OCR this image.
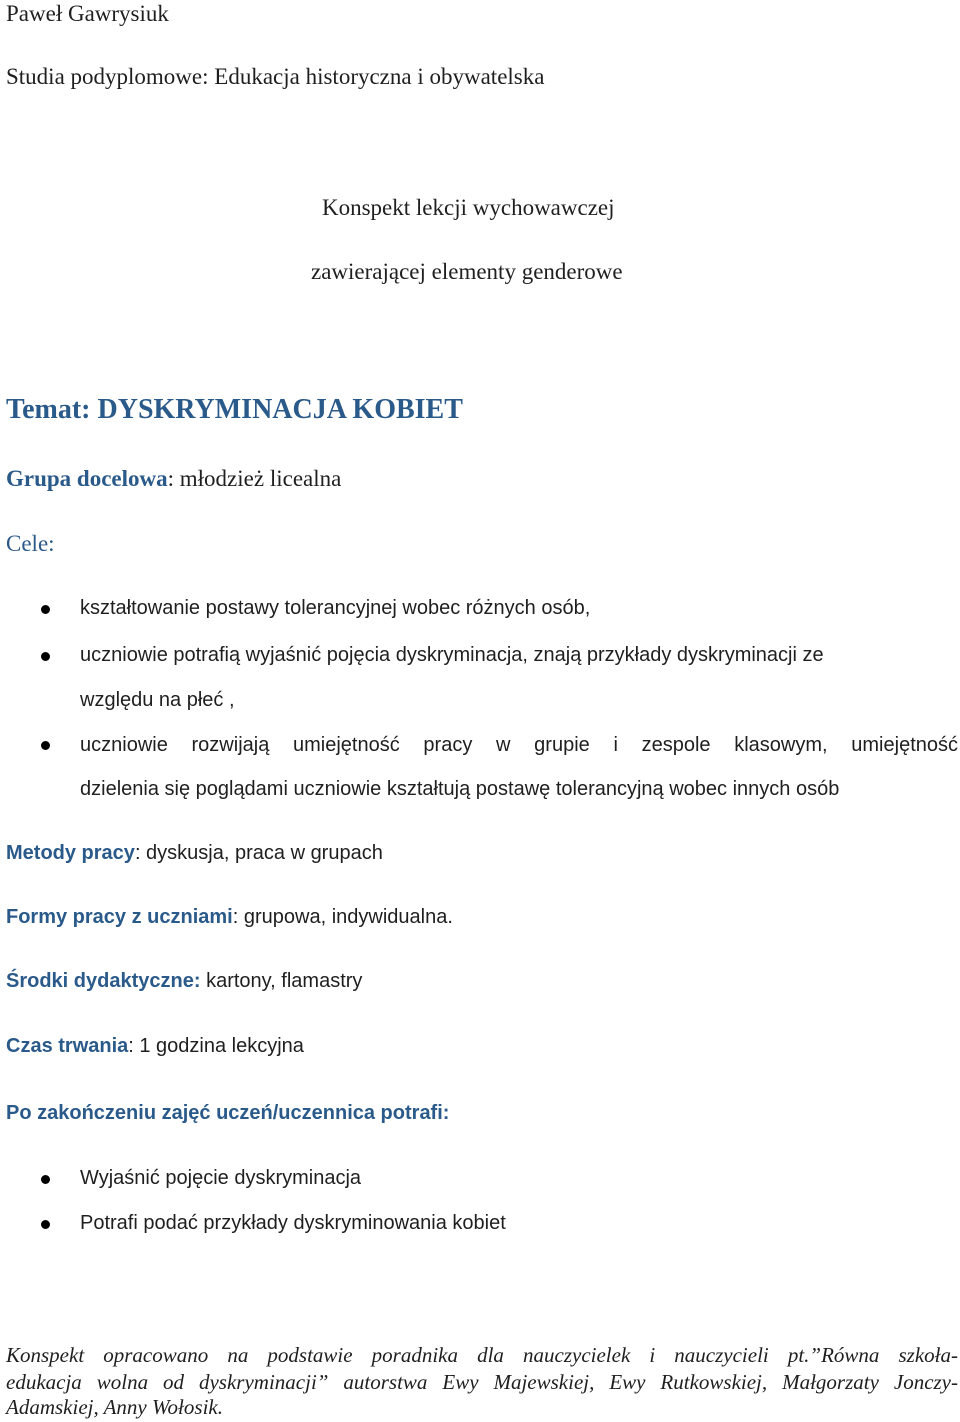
Paweł Gawrysiuk
Studia podyplomowe: Edukacja historyczna i obywatelska
Konspekt lekcji wychowawczej
zawierającej elementy genderowe
Temat: DYSKRYMINACJA KOBIET
Grupa docelowa: młodzież licealna
Cele:
kształtowanie postawy tolerancyjnej wobec różnych osób,
uczniowie potrafią wyjaśnić pojęcia dyskryminacja, znają przykłady dyskryminacji ze
względu na płeć ,
uczniowie rozwijają umiejętność pracy w grupie i zespole klasowym, umiejętność
dzielenia się poglądami uczniowie kształtują postawę tolerancyjną wobec innych osób
Metody pracy: dyskusja, praca w grupach
Formy pracy z uczniami: grupowa, indywidualna.
Środki dydaktyczne: kartony, flamastry
Czas trwania: 1 godzina lekcyjna
Po zakończeniu zajęć uczeń/uczennica potrafi:
Wyjaśnić pojęcie dyskryminacja
Potrafi podać przykłady dyskryminowania kobiet
Konspekt opracowano na podstawie poradnika dla nauczycielek i nauczycieli pt.”Równa szkoła-
edukacja wolna od dyskryminacji” autorstwa Ewy Majewskiej, Ewy Rutkowskiej, Małgorzaty Jonczy-
Adamskiej, Anny Wołosik.
